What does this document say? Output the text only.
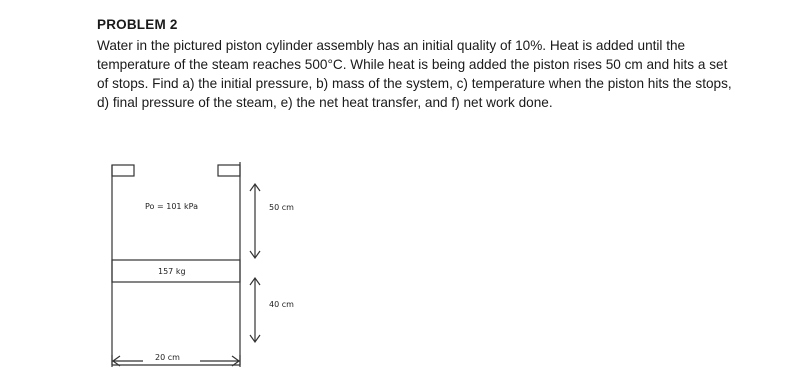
PROBLEM 2
Water in the pictured piston cylinder assembly has an initial quality of 10%. Heat is added until the temperature of the steam reaches 500°C. While heat is being added the piston rises 50 cm and hits a set of stops. Find a) the initial pressure, b) mass of the system, c) temperature when the piston hits the stops, d) final pressure of the steam, e) the net heat transfer, and f) net work done.
Po = 101 kPa
157 kg
50 cm
40 cm
20 cm
